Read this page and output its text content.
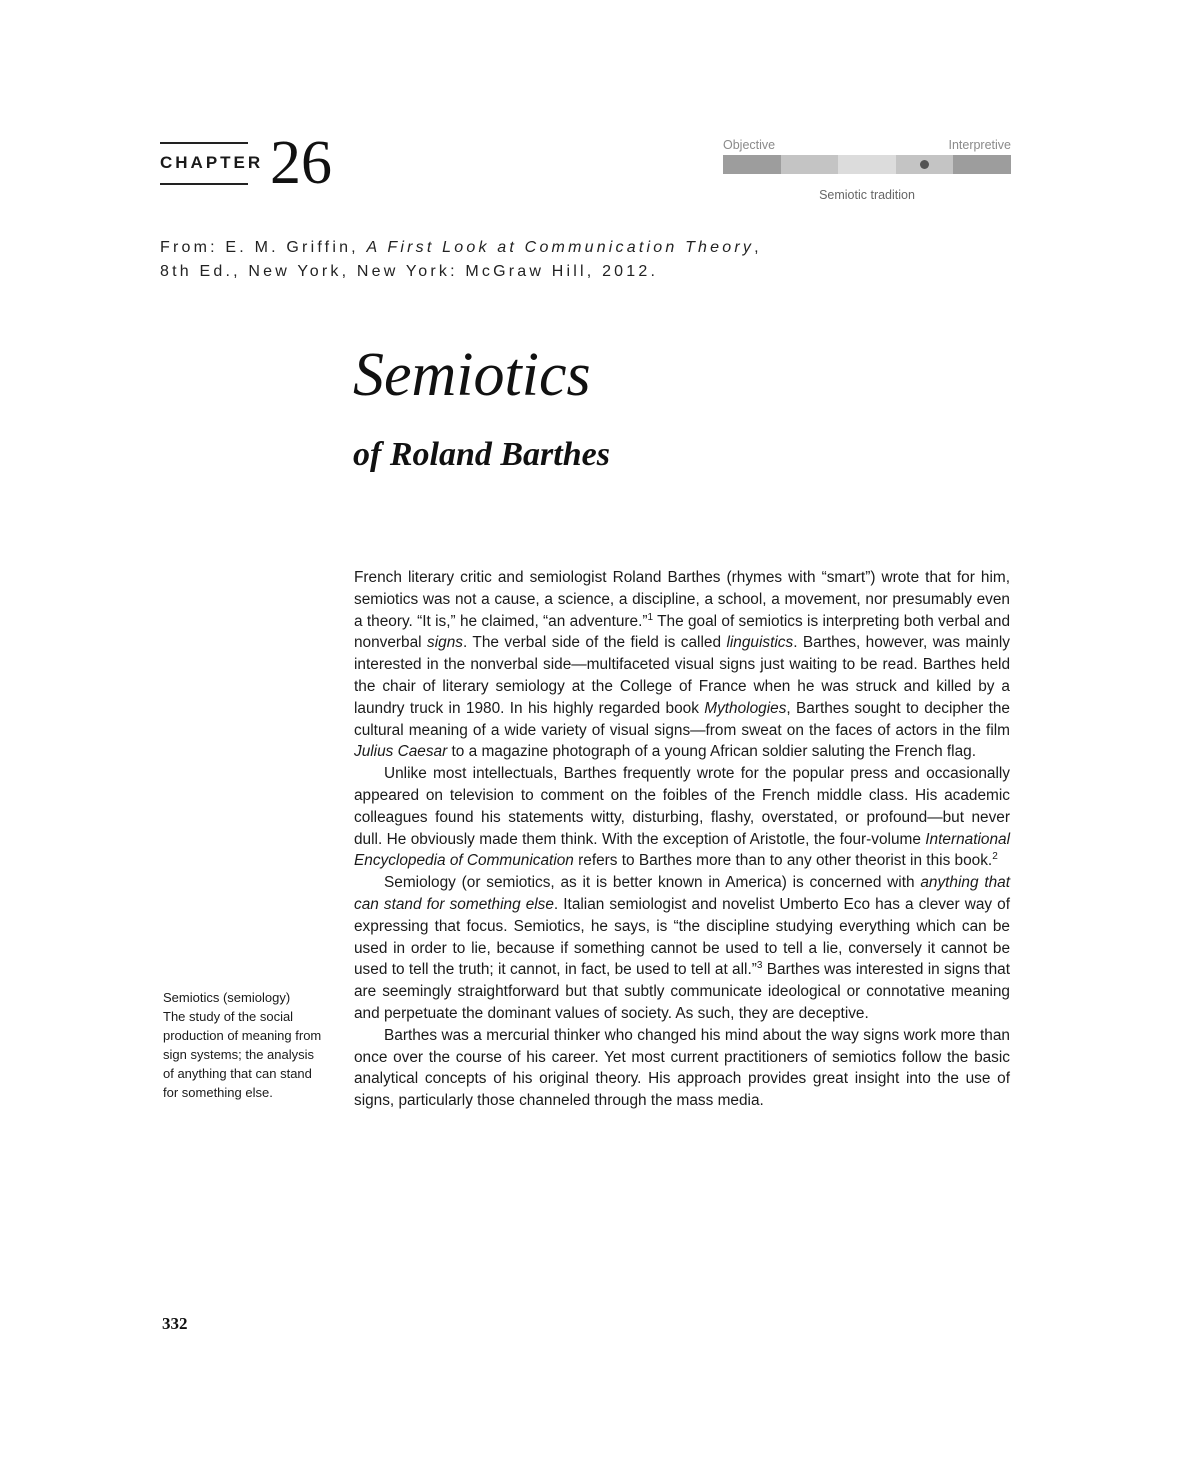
CHAPTER 26	Objective	Interpretive
Semiotic tradition
From: E. M. Griffin, A First Look at Communication Theory,
8th Ed., New York, New York: McGraw Hill, 2012.
Semiotics
of Roland Barthes

French literary critic and semiologist Roland Barthes (rhymes with “smart”) wrote that for him, semiotics was not a cause, a science, a discipline, a school, a movement, nor presumably even a theory. “It is,” he claimed, “an adventure.”$^1$ The goal of semiotics is interpreting both verbal and nonverbal signs. The verbal side of the field is called linguistics. Barthes, however, was mainly interested in the nonverbal side—multifaceted visual signs just waiting to be read. Barthes held the chair of literary semiology at the College of France when he was struck and killed by a laundry truck in 1980. In his highly regarded book Mythologies, Barthes sought to decipher the cultural meaning of a wide variety of visual signs—from sweat on the faces of actors in the film Julius Caesar to a magazine photograph of a young African soldier saluting the French flag.

Unlike most intellectuals, Barthes frequently wrote for the popular press and occasionally appeared on television to comment on the foibles of the French middle class. His academic colleagues found his statements witty, disturbing, flashy, overstated, or profound—but never dull. He obviously made them think. With the exception of Aristotle, the four-volume International Encyclopedia of Communication refers to Barthes more than to any other theorist in this book.$^2$

Semiology (or semiotics, as it is better known in America) is concerned with anything that can stand for something else. Italian semiologist and novelist Umberto Eco has a clever way of expressing that focus. Semiotics, he says, is “the discipline studying everything which can be used in order to lie, because if something cannot be used to tell a lie, conversely it cannot be used to tell the truth; it cannot, in fact, be used to tell at all.”$^3$ Barthes was interested in signs that are seemingly straightforward but that subtly communicate ideological or connotative meaning and perpetuate the dominant values of society. As such, they are deceptive.

Barthes was a mercurial thinker who changed his mind about the way signs work more than once over the course of his career. Yet most current practitioners of semiotics follow the basic analytical concepts of his original theory. His approach provides great insight into the use of signs, particularly those channeled through the mass media.

Semiotics (semiology)
The study of the social production of meaning from sign systems; the analysis of anything that can stand for something else.
332
